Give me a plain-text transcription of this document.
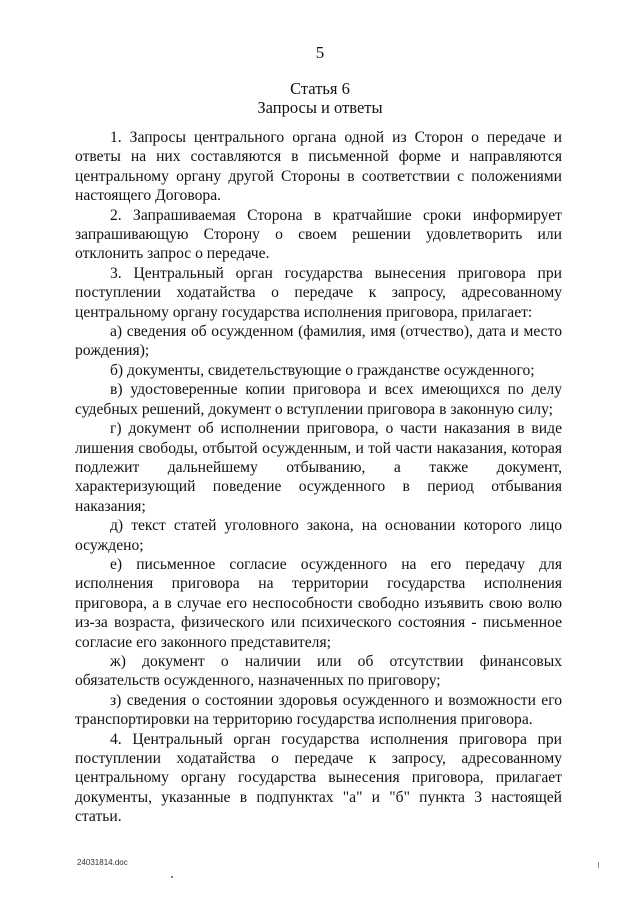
5
Статья 6
Запросы и ответы

1. Запросы центрального органа одной из Сторон о передаче и ответы на них составляются в письменной форме и направляются центральному органу другой Стороны в соответствии с положениями настоящего Договора.

2. Запрашиваемая Сторона в кратчайшие сроки информирует запрашивающую Сторону о своем решении удовлетворить или отклонить запрос о передаче.

3. Центральный орган государства вынесения приговора при поступлении ходатайства о передаче к запросу, адресованному центральному органу государства исполнения приговора, прилагает:

а) сведения об осужденном (фамилия, имя (отчество), дата и место рождения);

б) документы, свидетельствующие о гражданстве осужденного;

в) удостоверенные копии приговора и всех имеющихся по делу судебных решений, документ о вступлении приговора в законную силу;

г) документ об исполнении приговора, о части наказания в виде лишения свободы, отбытой осужденным, и той части наказания, которая подлежит дальнейшему отбыванию, а также документ, характеризующий поведение осужденного в период отбывания наказания;

д) текст статей уголовного закона, на основании которого лицо осуждено;

е) письменное согласие осужденного на его передачу для исполнения приговора на территории государства исполнения приговора, а в случае его неспособности свободно изъявить свою волю из-за возраста, физического или психического состояния - письменное согласие его законного представителя;

ж) документ о наличии или об отсутствии финансовых обязательств осужденного, назначенных по приговору;

з) сведения о состоянии здоровья осужденного и возможности его транспортировки на территорию государства исполнения приговора.

4. Центральный орган государства исполнения приговора при поступлении ходатайства о передаче к запросу, адресованному центральному органу государства вынесения приговора, прилагает документы, указанные в подпунктах "а" и "б" пункта 3 настоящей статьи.

24031814.doc
